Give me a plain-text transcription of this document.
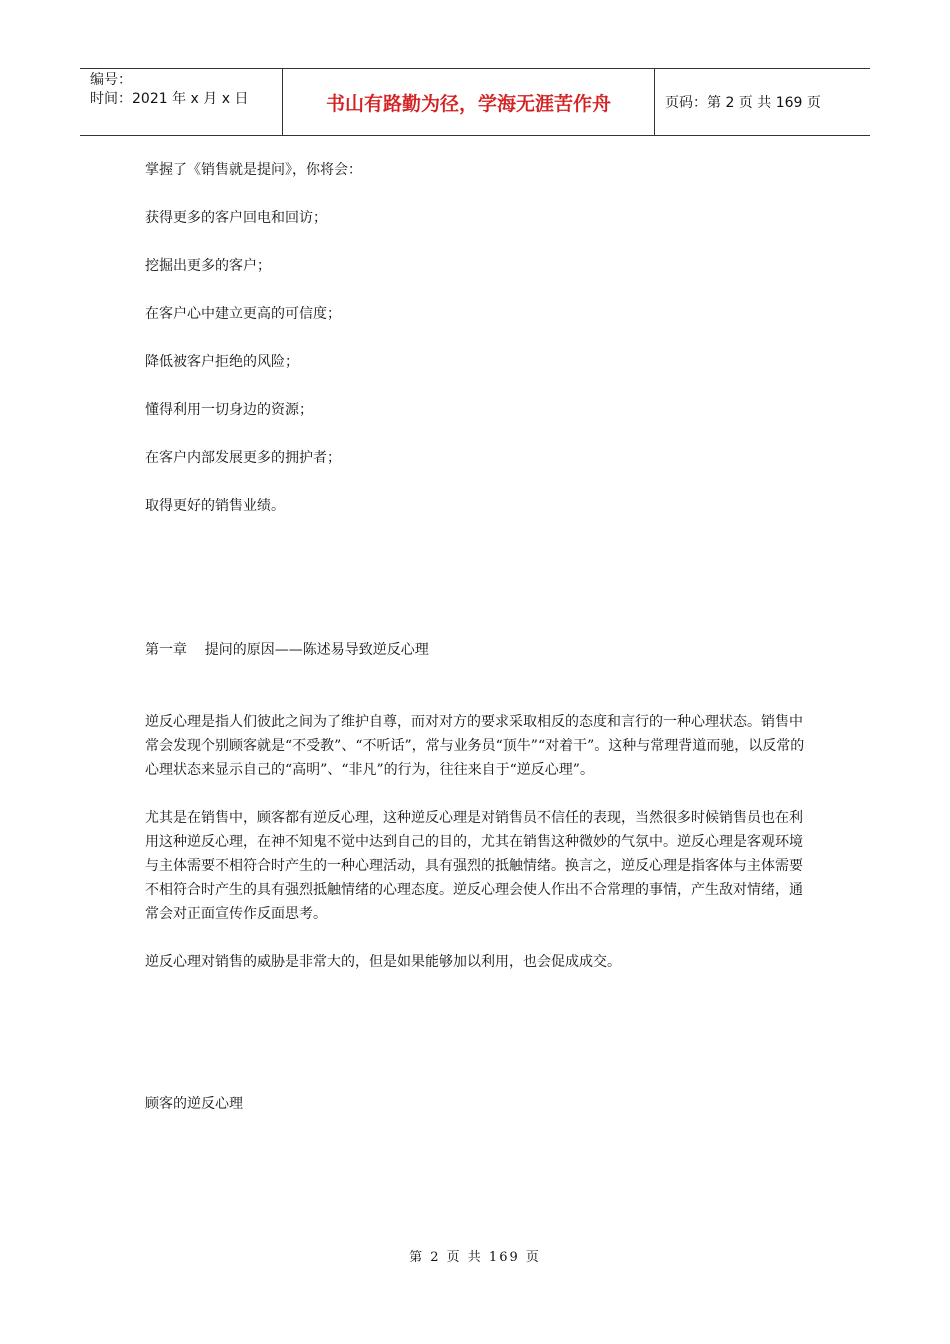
编号：
时间：2021 年 x 月 x 日	书山有路勤为径，学海无涯苦作舟	页码：第 2 页 共 169 页

掌握了《销售就是提问》，你将会：

获得更多的客户回电和回访；

挖掘出更多的客户；

在客户心中建立更高的可信度；

降低被客户拒绝的风险；

懂得利用一切身边的资源；

在客户内部发展更多的拥护者；

取得更好的销售业绩。

第一章    提问的原因——陈述易导致逆反心理

逆反心理是指人们彼此之间为了维护自尊，而对对方的要求采取相反的态度和言行的一种心理状态。销售中常会发现个别顾客就是“不受教”、“不听话”，常与业务员“顶牛”“对着干”。这种与常理背道而驰，以反常的心理状态来显示自己的“高明”、“非凡”的行为，往往来自于“逆反心理”。

尤其是在销售中，顾客都有逆反心理，这种逆反心理是对销售员不信任的表现，当然很多时候销售员也在利用这种逆反心理，在神不知鬼不觉中达到自己的目的，尤其在销售这种微妙的气氛中。逆反心理是客观环境与主体需要不相符合时产生的一种心理活动，具有强烈的抵触情绪。换言之，逆反心理是指客体与主体需要不相符合时产生的具有强烈抵触情绪的心理态度。逆反心理会使人作出不合常理的事情，产生敌对情绪，通常会对正面宣传作反面思考。

逆反心理对销售的威胁是非常大的，但是如果能够加以利用，也会促成成交。

顾客的逆反心理

第 2 页 共 169 页
